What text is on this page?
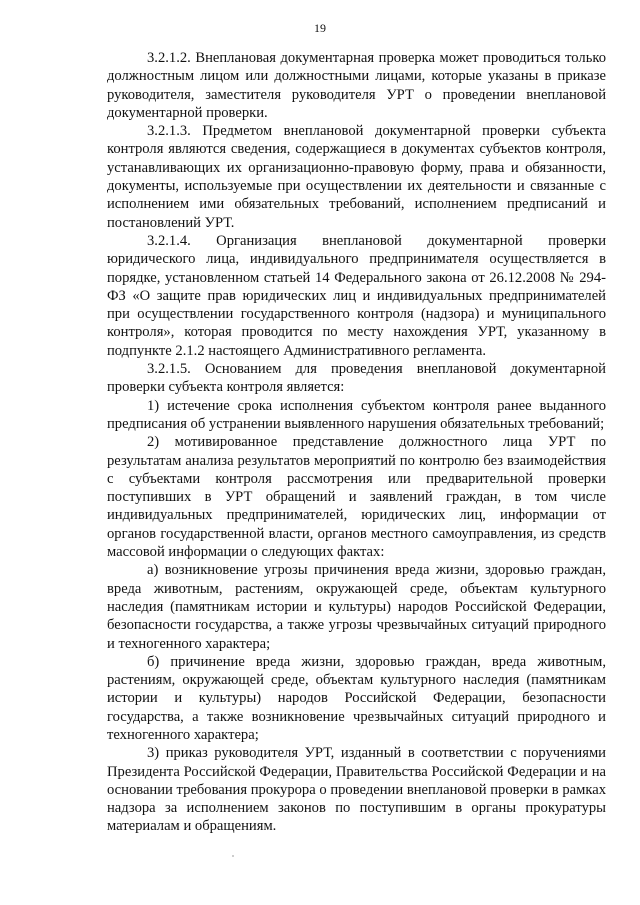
19

3.2.1.2. Внеплановая документарная проверка может проводиться только должностным лицом или должностными лицами, которые указаны в приказе руководителя, заместителя руководителя УРТ о проведении внеплановой документарной проверки.

3.2.1.3. Предметом внеплановой документарной проверки субъекта контроля являются сведения, содержащиеся в документах субъектов контроля, устанавливающих их организационно-правовую форму, права и обязанности, документы, используемые при осуществлении их деятельности и связанные с исполнением ими обязательных требований, исполнением предписаний и постановлений УРТ.

3.2.1.4. Организация внеплановой документарной проверки юридического лица, индивидуального предпринимателя осуществляется в порядке, установленном статьей 14 Федерального закона от 26.12.2008 № 294-ФЗ «О защите прав юридических лиц и индивидуальных предпринимателей при осуществлении государственного контроля (надзора) и муниципального контроля», которая проводится по месту нахождения УРТ, указанному в подпункте 2.1.2 настоящего Административного регламента.

3.2.1.5. Основанием для проведения внеплановой документарной проверки субъекта контроля является:

1) истечение срока исполнения субъектом контроля ранее выданного предписания об устранении выявленного нарушения обязательных требований;

2) мотивированное представление должностного лица УРТ по результатам анализа результатов мероприятий по контролю без взаимодействия с субъектами контроля рассмотрения или предварительной проверки поступивших в УРТ обращений и заявлений граждан, в том числе индивидуальных предпринимателей, юридических лиц, информации от органов государственной власти, органов местного самоуправления, из средств массовой информации о следующих фактах:

а) возникновение угрозы причинения вреда жизни, здоровью граждан, вреда животным, растениям, окружающей среде, объектам культурного наследия (памятникам истории и культуры) народов Российской Федерации, безопасности государства, а также угрозы чрезвычайных ситуаций природного и техногенного характера;

б) причинение вреда жизни, здоровью граждан, вреда животным, растениям, окружающей среде, объектам культурного наследия (памятникам истории и культуры) народов Российской Федерации, безопасности государства, а также возникновение чрезвычайных ситуаций природного и техногенного характера;

3) приказ руководителя УРТ, изданный в соответствии с поручениями Президента Российской Федерации, Правительства Российской Федерации и на основании требования прокурора о проведении внеплановой проверки в рамках надзора за исполнением законов по поступившим в органы прокуратуры материалам и обращениям.
